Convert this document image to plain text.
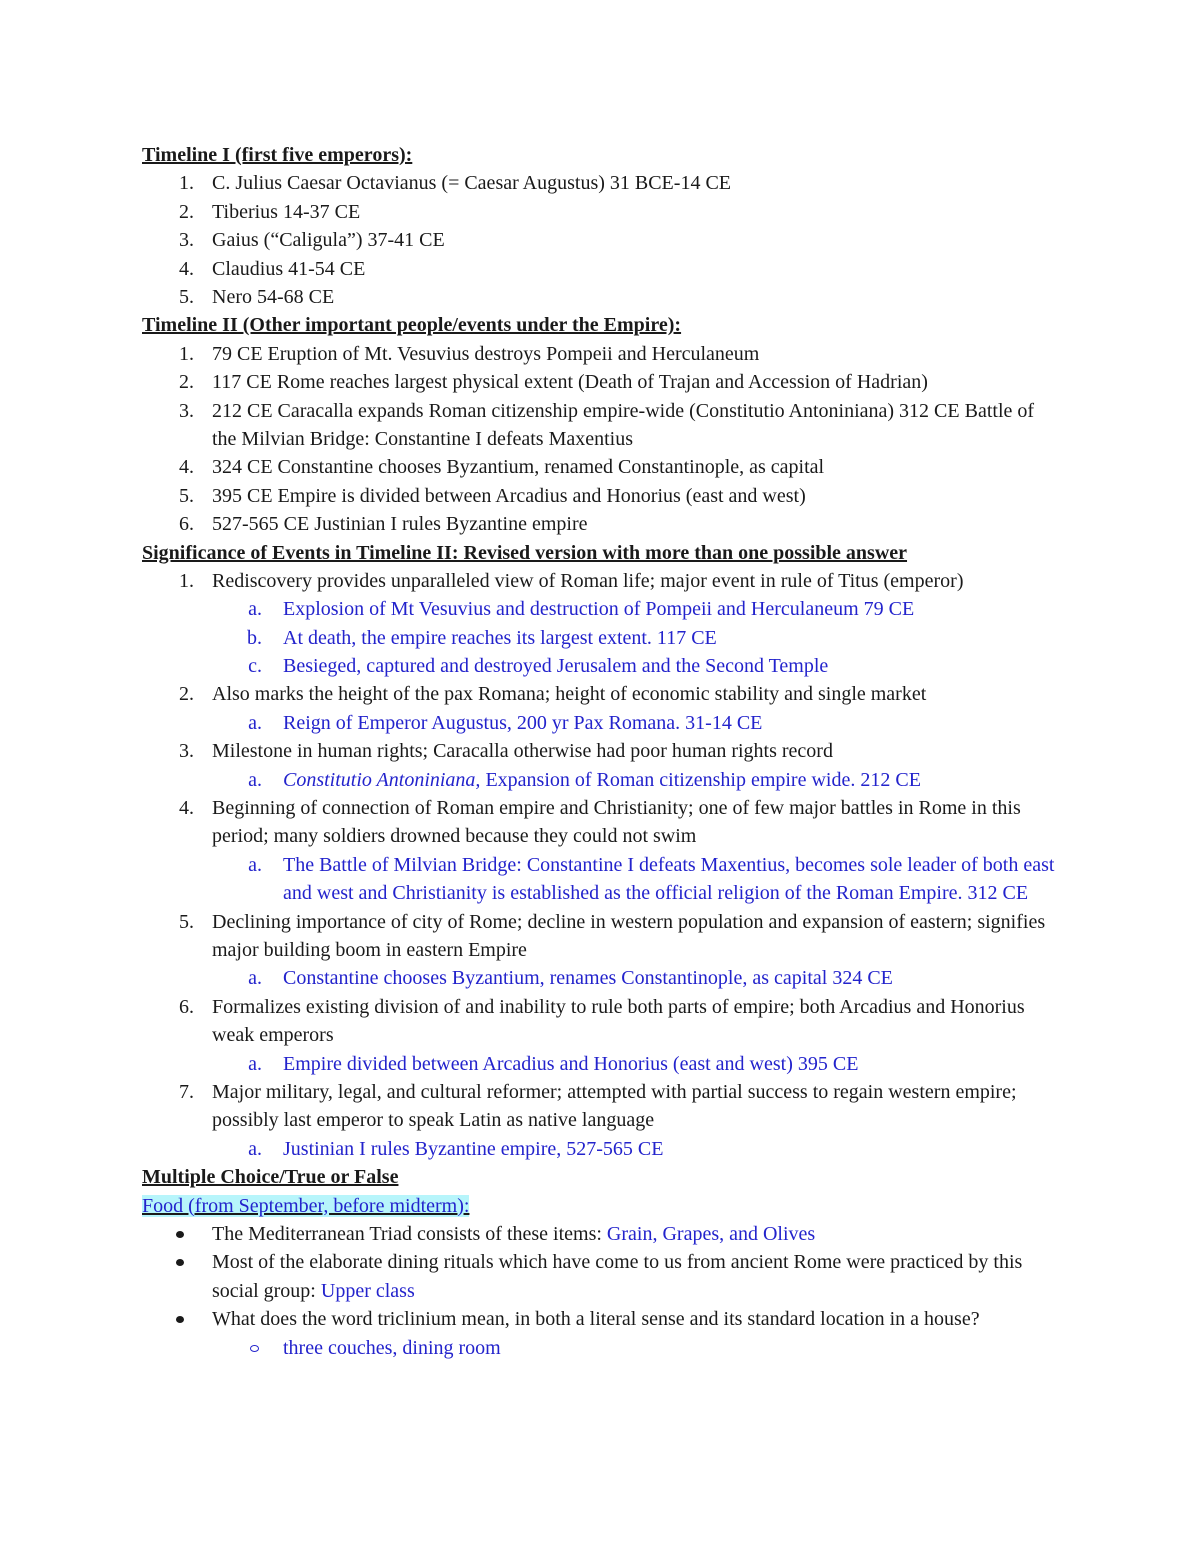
Timeline I (first five emperors):
1. C. Julius Caesar Octavianus (= Caesar Augustus) 31 BCE-14 CE
2. Tiberius 14-37 CE
3. Gaius (“Caligula”) 37-41 CE
4. Claudius 41-54 CE
5. Nero 54-68 CE
Timeline II (Other important people/events under the Empire):
1. 79 CE Eruption of Mt. Vesuvius destroys Pompeii and Herculaneum
2. 117 CE Rome reaches largest physical extent (Death of Trajan and Accession of Hadrian)
3. 212 CE Caracalla expands Roman citizenship empire-wide (Constitutio Antoniniana) 312 CE Battle of the Milvian Bridge: Constantine I defeats Maxentius
4. 324 CE Constantine chooses Byzantium, renamed Constantinople, as capital
5. 395 CE Empire is divided between Arcadius and Honorius (east and west)
6. 527-565 CE Justinian I rules Byzantine empire
Significance of Events in Timeline II: Revised version with more than one possible answer
1. Rediscovery provides unparalleled view of Roman life; major event in rule of Titus (emperor)
a. Explosion of Mt Vesuvius and destruction of Pompeii and Herculaneum 79 CE
b. At death, the empire reaches its largest extent. 117 CE
c. Besieged, captured and destroyed Jerusalem and the Second Temple
2. Also marks the height of the pax Romana; height of economic stability and single market
a. Reign of Emperor Augustus, 200 yr Pax Romana. 31-14 CE
3. Milestone in human rights; Caracalla otherwise had poor human rights record
a. Constitutio Antoniniana, Expansion of Roman citizenship empire wide. 212 CE
4. Beginning of connection of Roman empire and Christianity; one of few major battles in Rome in this period; many soldiers drowned because they could not swim
a. The Battle of Milvian Bridge: Constantine I defeats Maxentius, becomes sole leader of both east and west and Christianity is established as the official religion of the Roman Empire. 312 CE
5. Declining importance of city of Rome; decline in western population and expansion of eastern; signifies major building boom in eastern Empire
a. Constantine chooses Byzantium, renames Constantinople, as capital 324 CE
6. Formalizes existing division of and inability to rule both parts of empire; both Arcadius and Honorius weak emperors
a. Empire divided between Arcadius and Honorius (east and west) 395 CE
7. Major military, legal, and cultural reformer; attempted with partial success to regain western empire; possibly last emperor to speak Latin as native language
a. Justinian I rules Byzantine empire, 527-565 CE
Multiple Choice/True or False
Food (from September, before midterm):
The Mediterranean Triad consists of these items: Grain, Grapes, and Olives
Most of the elaborate dining rituals which have come to us from ancient Rome were practiced by this social group: Upper class
What does the word triclinium mean, in both a literal sense and its standard location in a house?
three couches, dining room
